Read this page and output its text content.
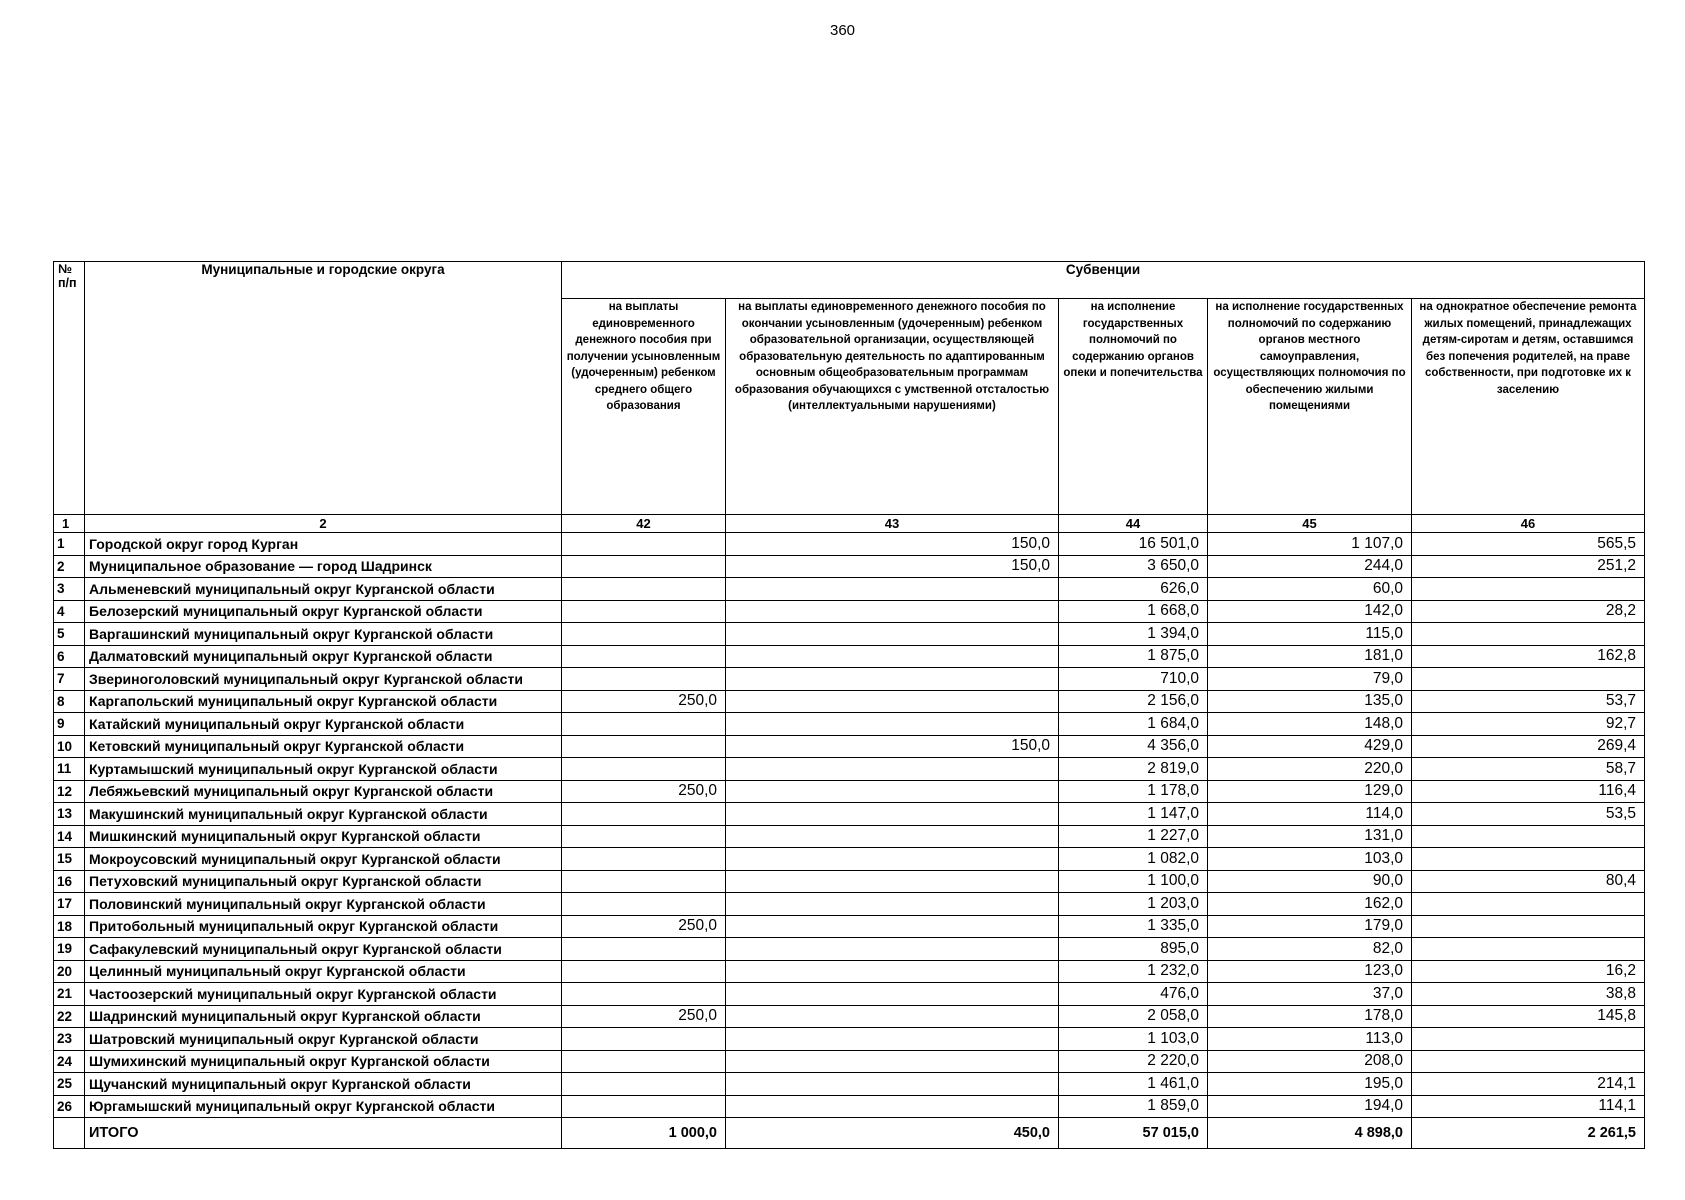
360
№ п/п	Муниципальные и городские округа	Субвенции				
		на выплаты единовременного денежного пособия при получении усыновленным (удочеренным) ребенком среднего общего образования	на выплаты единовременного денежного пособия по окончании усыновленным (удочеренным) ребенком образовательной организации, осуществляющей образовательную деятельность по адаптированным основным общеобразовательным программам образования обучающихся с умственной отсталостью (интеллектуальными нарушениями)	на исполнение государственных полномочий по содержанию органов опеки и попечительства	на исполнение государственных полномочий по содержанию органов местного самоуправления, осуществляющих полномочия по обеспечению жилыми помещениями	на однократное обеспечение ремонта жилых помещений, принадлежащих детям-сиротам и детям, оставшимся без попечения родителей, на праве собственности, при подготовке их к заселению
1	2	42	43	44	45	46
1	Городской округ город Курган		150,0	16 501,0	1 107,0	565,5
2	Муниципальное образование — город Шадринск		150,0	3 650,0	244,0	251,2
3	Альменевский муниципальный округ Курганской области			626,0	60,0	
4	Белозерский муниципальный округ Курганской области			1 668,0	142,0	28,2
5	Варгашинский муниципальный округ Курганской области			1 394,0	115,0	
6	Далматовский муниципальный округ Курганской области			1 875,0	181,0	162,8
7	Звериноголовский муниципальный округ Курганской области			710,0	79,0	
8	Каргапольский муниципальный округ Курганской области	250,0		2 156,0	135,0	53,7
9	Катайский муниципальный округ Курганской области			1 684,0	148,0	92,7
10	Кетовский муниципальный округ Курганской области		150,0	4 356,0	429,0	269,4
11	Куртамышский муниципальный округ Курганской области			2 819,0	220,0	58,7
12	Лебяжьевский муниципальный округ Курганской области	250,0		1 178,0	129,0	116,4
13	Макушинский муниципальный округ Курганской области			1 147,0	114,0	53,5
14	Мишкинский муниципальный округ Курганской области			1 227,0	131,0	
15	Мокроусовский муниципальный округ Курганской области			1 082,0	103,0	
16	Петуховский муниципальный округ Курганской области			1 100,0	90,0	80,4
17	Половинский муниципальный округ Курганской области			1 203,0	162,0	
18	Притобольный муниципальный округ Курганской области	250,0		1 335,0	179,0	
19	Сафакулевский муниципальный округ Курганской области			895,0	82,0	
20	Целинный муниципальный округ Курганской области			1 232,0	123,0	16,2
21	Частоозерский муниципальный округ Курганской области			476,0	37,0	38,8
22	Шадринский муниципальный округ Курганской области	250,0		2 058,0	178,0	145,8
23	Шатровский муниципальный округ Курганской области			1 103,0	113,0	
24	Шумихинский муниципальный округ Курганской области			2 220,0	208,0	
25	Щучанский муниципальный округ Курганской области			1 461,0	195,0	214,1
26	Юргамышский муниципальный округ Курганской области			1 859,0	194,0	114,1
	ИТОГО	1 000,0	450,0	57 015,0	4 898,0	2 261,5
